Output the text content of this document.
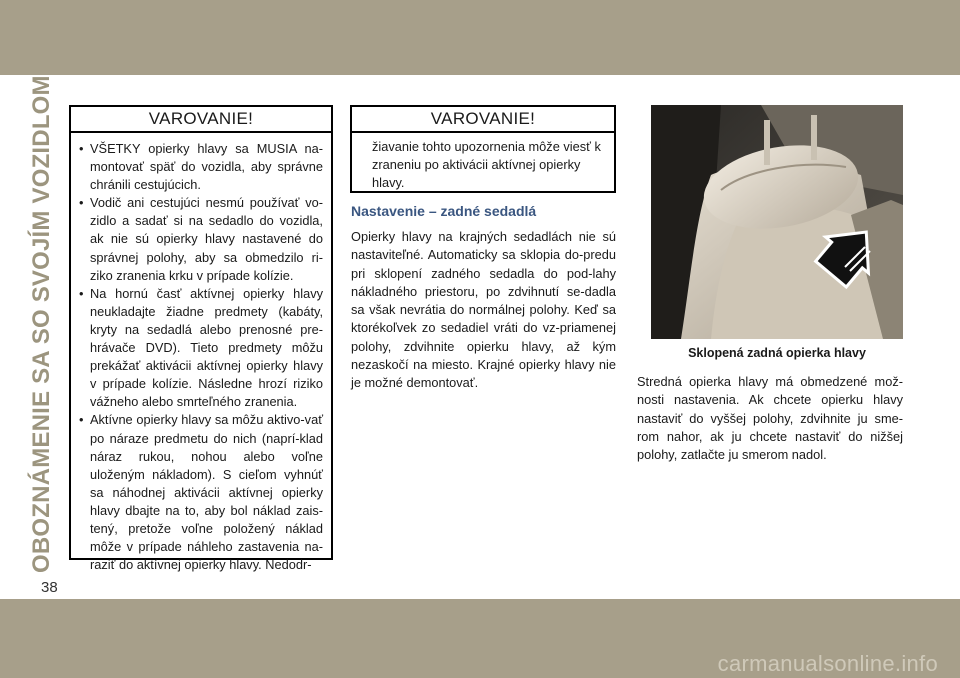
OBOZNÁMENIE SA SO SVOJÍM VOZIDLOM	VAROVANIE!
• VŠETKY opierky hlavy sa MUSIA na-montovať späť do vozidla, aby správne chránili cestujúcich.
• Vodič ani cestujúci nesmú používať vo-zidlo a sadať si na sedadlo do vozidla, ak nie sú opierky hlavy nastavené do správnej polohy, aby sa obmedzilo ri-ziko zranenia krku v prípade kolízie.
• Na hornú časť aktívnej opierky hlavy neukladajte žiadne predmety (kabáty, kryty na sedadlá alebo prenosné pre-hrávače DVD). Tieto predmety môžu prekážať aktivácii aktívnej opierky hlavy v prípade kolízie. Následne hrozí riziko vážneho alebo smrteľného zranenia.
• Aktívne opierky hlavy sa môžu aktivo-vať po náraze predmetu do nich (naprí-klad náraz rukou, nohou alebo voľne uloženým nákladom). S cieľom vyhnúť sa náhodnej aktivácii aktívnej opierky hlavy dbajte na to, aby bol náklad zais-tený, pretože voľne položený náklad môže v prípade náhleho zastavenia na-raziť do aktívnej opierky hlavy. Nedodr-
VAROVANIE!
žiavanie tohto upozornenia môže viesť k zraneniu po aktivácii aktívnej opierky hlavy.
Nastavenie – zadné sedadlá
Opierky hlavy na krajných sedadlách nie sú nastaviteľné. Automaticky sa sklopia do-predu pri sklopení zadného sedadla do pod-lahy nákladného priestoru, po zdvihnutí se-dadla sa však nevrátia do normálnej polohy. Keď sa ktorékoľvek zo sedadiel vráti do vz-priamenej polohy, zdvihnite opierku hlavy, až kým nezaskočí na miesto. Krajné opierky hlavy nie je možné demontovať.
Sklopená zadná opierka hlavy
Stredná opierka hlavy má obmedzené mož-nosti nastavenia. Ak chcete opierku hlavy nastaviť do vyššej polohy, zdvihnite ju sme-rom nahor, ak ju chcete nastaviť do nižšej polohy, zatlačte ju smerom nadol.
38
carmanualsonline.info
